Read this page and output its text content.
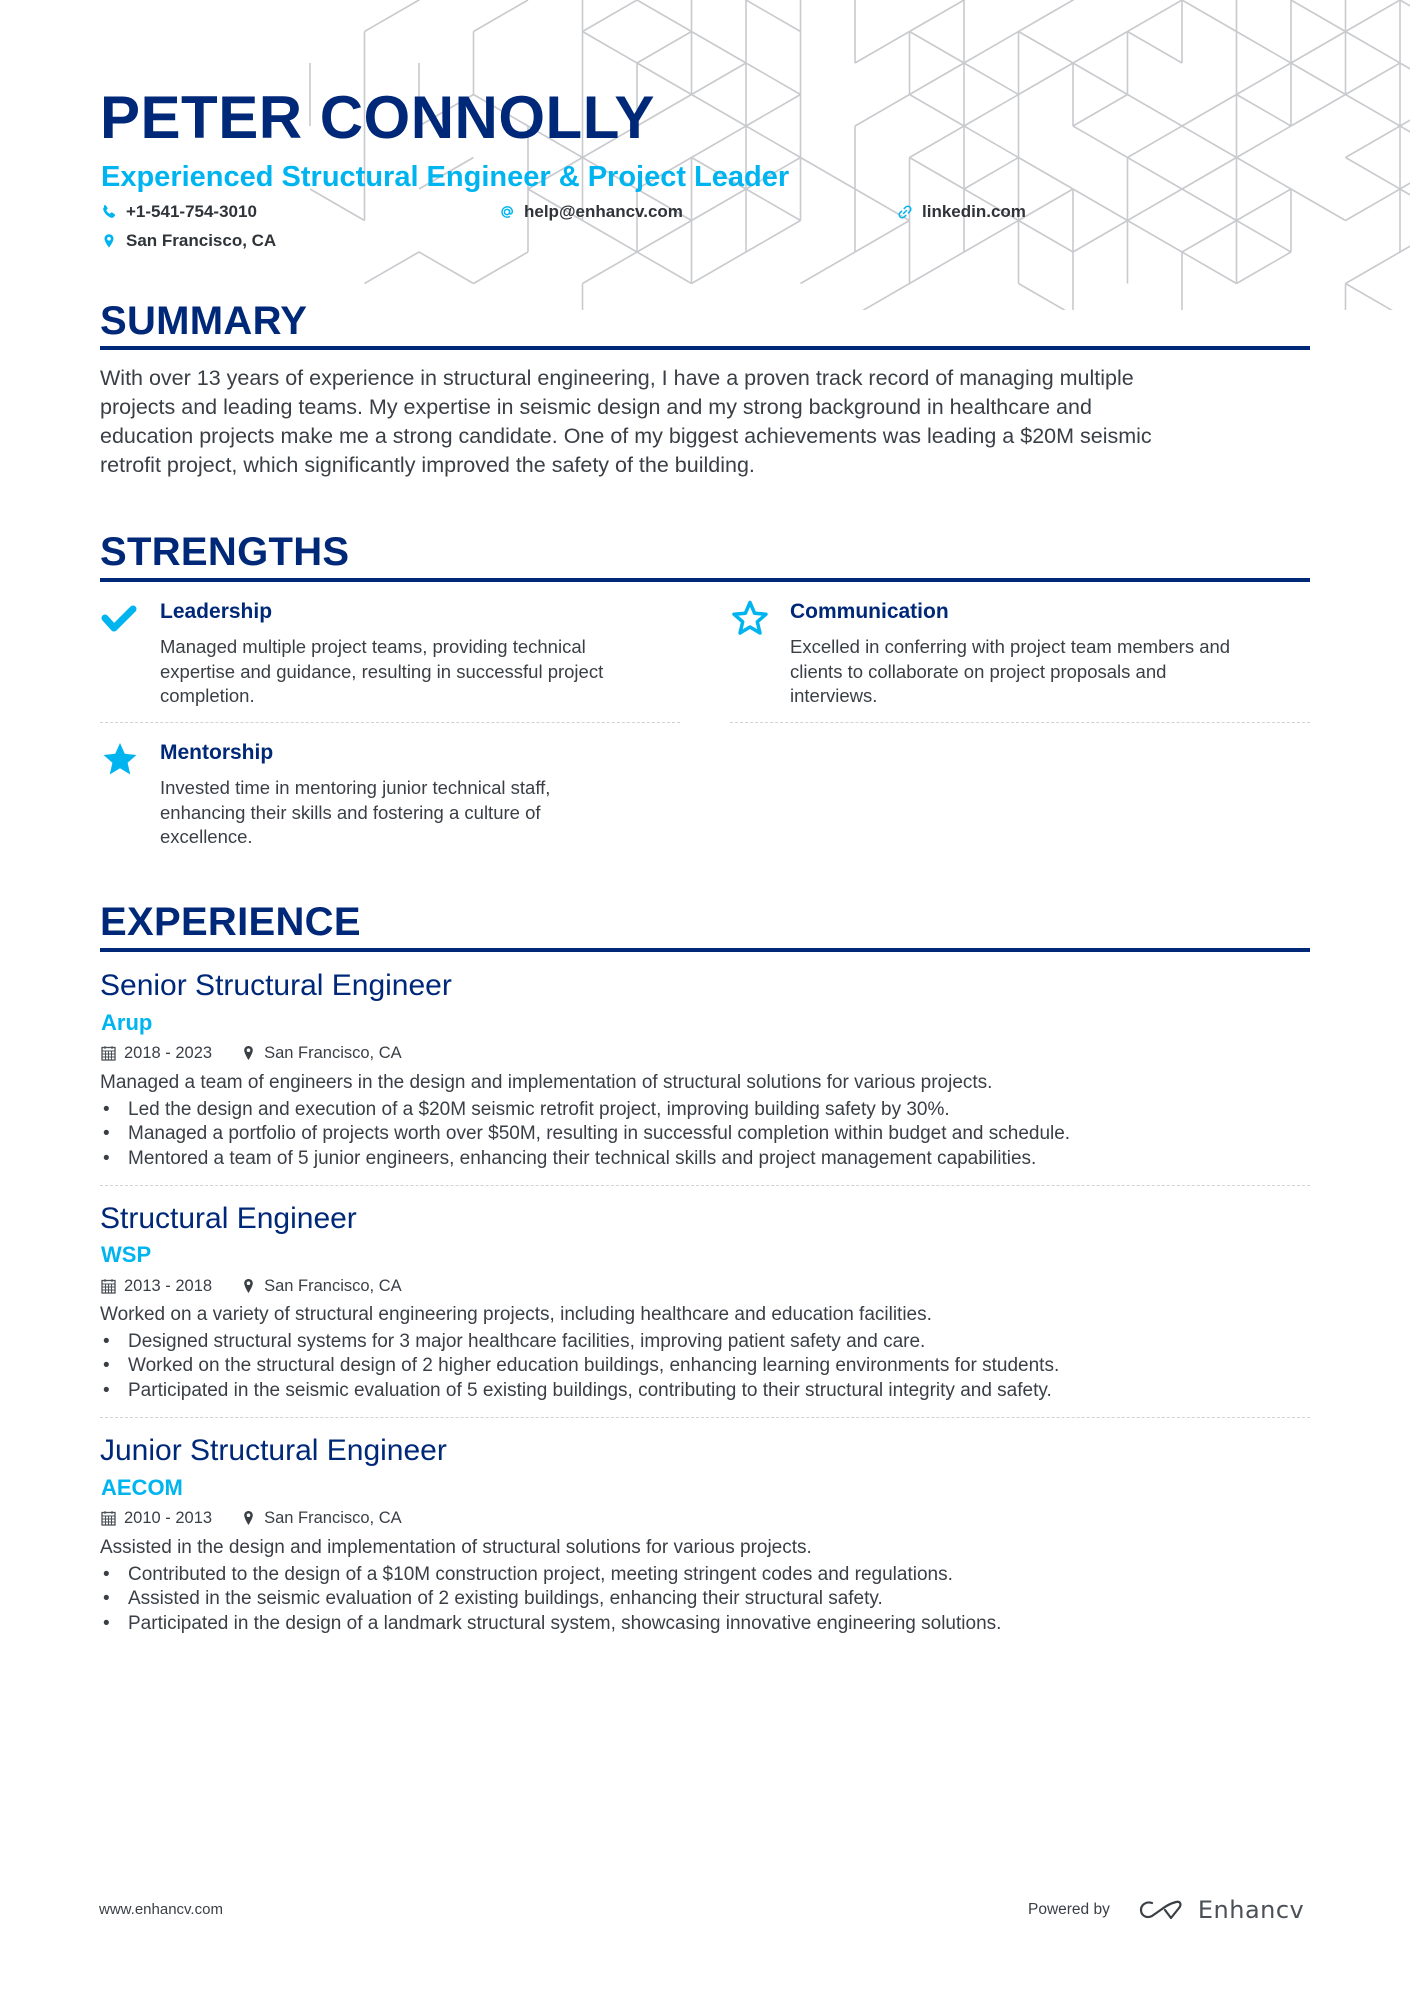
PETER CONNOLLY
Experienced Structural Engineer & Project Leader
+1-541-754-3010	help@enhancv.com	linkedin.com
San Francisco, CA
SUMMARY
With over 13 years of experience in structural engineering, I have a proven track record of managing multiple
projects and leading teams. My expertise in seismic design and my strong background in healthcare and
education projects make me a strong candidate. One of my biggest achievements was leading a $20M seismic
retrofit project, which significantly improved the safety of the building.
STRENGTHS
Leadership
Managed multiple project teams, providing technical
expertise and guidance, resulting in successful project
completion.
Communication
Excelled in conferring with project team members and
clients to collaborate on project proposals and
interviews.
Mentorship
Invested time in mentoring junior technical staff,
enhancing their skills and fostering a culture of
excellence.
EXPERIENCE
Senior Structural Engineer
Arup
2018 - 2023	San Francisco, CA
Managed a team of engineers in the design and implementation of structural solutions for various projects.
• Led the design and execution of a $20M seismic retrofit project, improving building safety by 30%.
• Managed a portfolio of projects worth over $50M, resulting in successful completion within budget and schedule.
• Mentored a team of 5 junior engineers, enhancing their technical skills and project management capabilities.
Structural Engineer
WSP
2013 - 2018	San Francisco, CA
Worked on a variety of structural engineering projects, including healthcare and education facilities.
• Designed structural systems for 3 major healthcare facilities, improving patient safety and care.
• Worked on the structural design of 2 higher education buildings, enhancing learning environments for students.
• Participated in the seismic evaluation of 5 existing buildings, contributing to their structural integrity and safety.
Junior Structural Engineer
AECOM
2010 - 2013	San Francisco, CA
Assisted in the design and implementation of structural solutions for various projects.
• Contributed to the design of a $10M construction project, meeting stringent codes and regulations.
• Assisted in the seismic evaluation of 2 existing buildings, enhancing their structural safety.
• Participated in the design of a landmark structural system, showcasing innovative engineering solutions.
www.enhancv.com	Powered by	Enhancv
